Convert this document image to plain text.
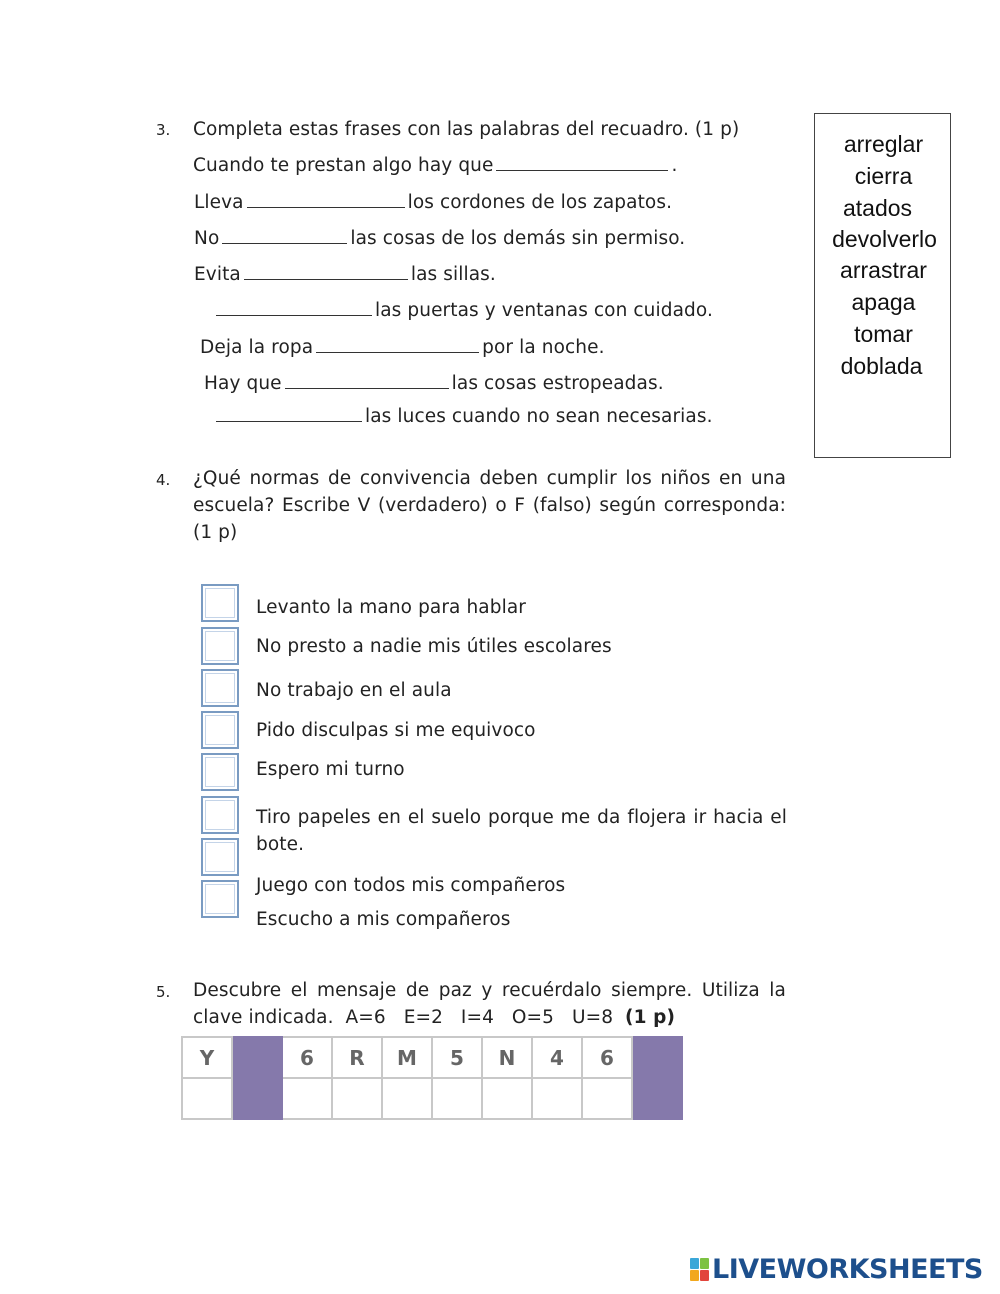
3. Completa estas frases con las palabras del recuadro. (1 p)
Cuando te prestan algo hay que	.
Lleva	los cordones de los zapatos.
No	las cosas de los demás sin permiso.
Evita	las sillas.
las puertas y ventanas con cuidado.
Deja la ropa	por la noche.
Hay que	las cosas estropeadas.
las luces cuando no sean necesarias.
arreglar
cierra
atados
devolverlo
arrastrar
apaga
tomar
doblada
4. ¿Qué normas de convivencia deben cumplir los niños en una escuela? Escribe V (verdadero) o F (falso) según corresponda: (1 p)
Levanto la mano para hablar
No presto a nadie mis útiles escolares
No trabajo en el aula
Pido disculpas si me equivoco
Espero mi turno
Tiro papeles en el suelo porque me da flojera ir hacia el bote.
Juego con todos mis compañeros
Escucho a mis compañeros
5. Descubre el mensaje de paz y recuérdalo siempre. Utiliza la clave indicada. A=6   E=2   I=4   O=5   U=8 (1 p)
Y		6	R	M	5	N	4	6	

LIVEWORKSHEETS
